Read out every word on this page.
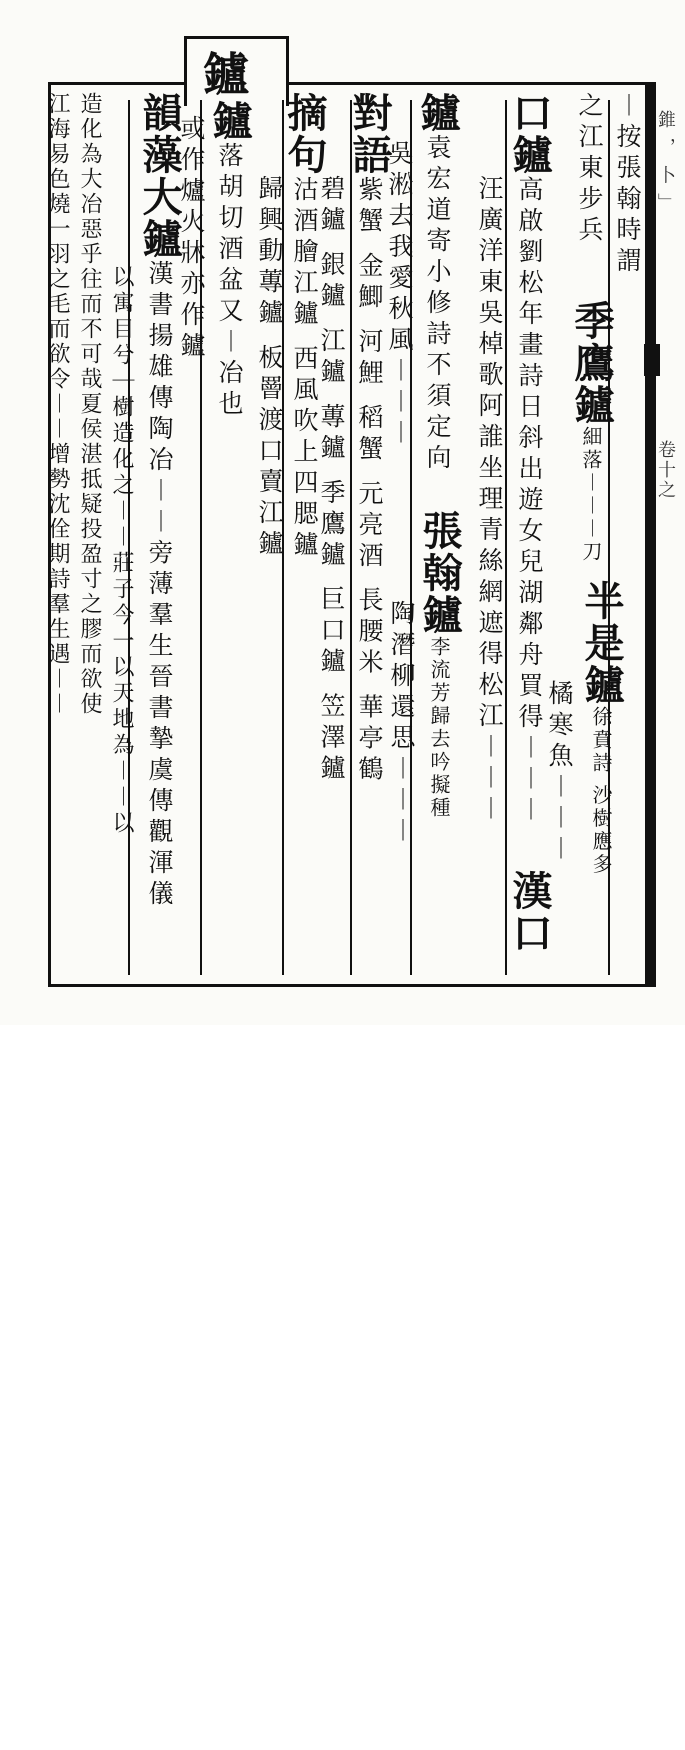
鑪
錐 ， 卜 ﹂
卷十之
︱按張翰時謂
之江東步兵
季鷹鑪細落︱︱︱刀
半是鑪徐賁詩 沙樹應多
橘寒魚︱︱︱
口鑪高啟劉松年畫詩日斜出遊女兒湖鄰舟買得︱︱︱
汪廣洋東吳棹歌阿誰坐理青絲網遮得松江︱︱︱
漢口
鑪袁宏道寄小修詩不須定向
張翰鑪李流芳歸去吟擬種
吳淞去我愛秋風︱︱︱
陶潛柳還思︱︱︱
對語紫蟹 金鯽 河鯉 稻蟹 元亮酒 長腰米 華亭鶴
碧鑪 銀鑪 江鑪 蓴鑪 季鷹鑪 巨口鑪 笠澤鑪
摘句沽酒膾江鑪 西風吹上四腮鑪
歸興動蓴鑪 板罾渡口賣江鑪
鑪落胡切酒盆又︱冶也
或作爐火牀亦作鑪
韻藻大鑪漢書揚雄傳陶冶︱︱旁薄羣生晉書摯虞傳觀渾儀
以寓目兮｜樹造化之︱︱莊子今一以天地為︱︱以
造化為大冶惡乎往而不可哉夏侯湛抵疑投盈寸之膠而欲使
江海易色燒一羽之毛而欲令︱︱增勢沈佺期詩羣生遇︱︱
